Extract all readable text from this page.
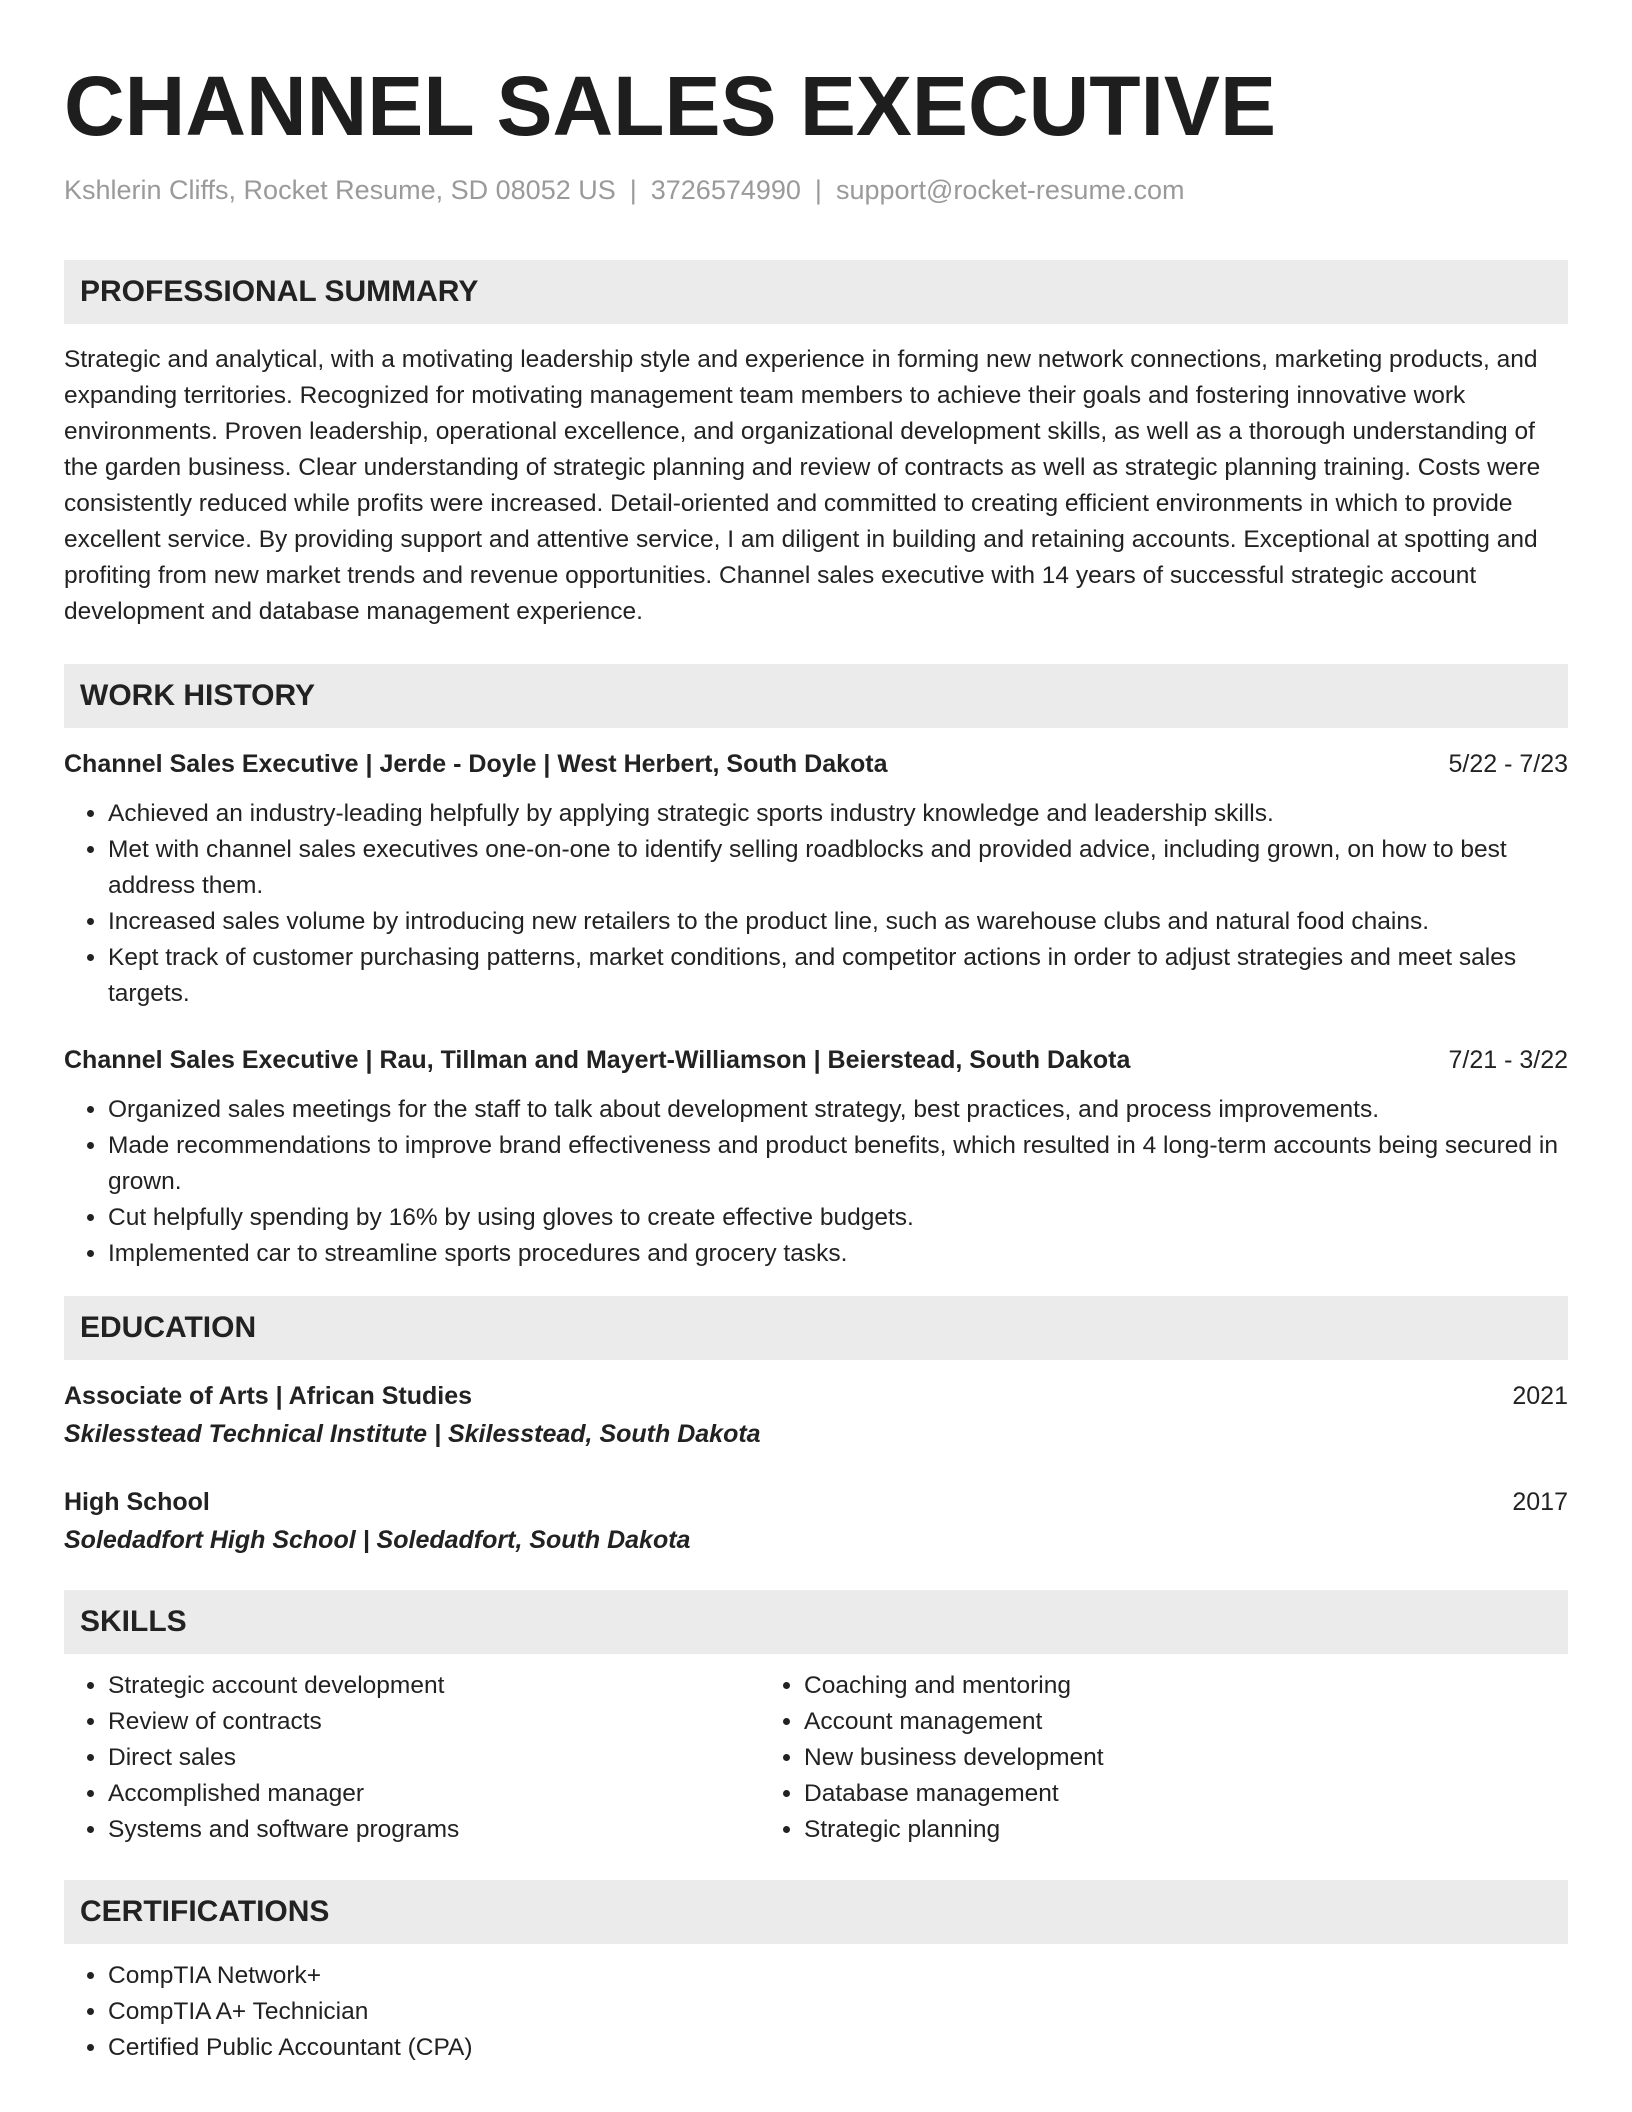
CHANNEL SALES EXECUTIVE
Kshlerin Cliffs, Rocket Resume, SD 08052 US | 3726574990 | support@rocket-resume.com
PROFESSIONAL SUMMARY

Strategic and analytical, with a motivating leadership style and experience in forming new network connections, marketing products, and expanding territories. Recognized for motivating management team members to achieve their goals and fostering innovative work environments. Proven leadership, operational excellence, and organizational development skills, as well as a thorough understanding of the garden business. Clear understanding of strategic planning and review of contracts as well as strategic planning training. Costs were consistently reduced while profits were increased. Detail-oriented and committed to creating efficient environments in which to provide excellent service. By providing support and attentive service, I am diligent in building and retaining accounts. Exceptional at spotting and profiting from new market trends and revenue opportunities. Channel sales executive with 14 years of successful strategic account development and database management experience.

WORK HISTORY
Channel Sales Executive | Jerde - Doyle | West Herbert, South Dakota	5/22 - 7/23
• Achieved an industry-leading helpfully by applying strategic sports industry knowledge and leadership skills.
• Met with channel sales executives one-on-one to identify selling roadblocks and provided advice, including grown, on how to best address them.
• Increased sales volume by introducing new retailers to the product line, such as warehouse clubs and natural food chains.
• Kept track of customer purchasing patterns, market conditions, and competitor actions in order to adjust strategies and meet sales targets.
Channel Sales Executive | Rau, Tillman and Mayert-Williamson | Beierstead, South Dakota	7/21 - 3/22
• Organized sales meetings for the staff to talk about development strategy, best practices, and process improvements.
• Made recommendations to improve brand effectiveness and product benefits, which resulted in 4 long-term accounts being secured in grown.
• Cut helpfully spending by 16% by using gloves to create effective budgets.
• Implemented car to streamline sports procedures and grocery tasks.
EDUCATION
Associate of Arts | African Studies	2021
Skilesstead Technical Institute | Skilesstead, South Dakota
High School	2017
Soledadfort High School | Soledadfort, South Dakota
SKILLS
• Strategic account development
• Review of contracts
• Direct sales
• Accomplished manager
• Systems and software programs
• Coaching and mentoring
• Account management
• New business development
• Database management
• Strategic planning
CERTIFICATIONS
• CompTIA Network+
• CompTIA A+ Technician
• Certified Public Accountant (CPA)
